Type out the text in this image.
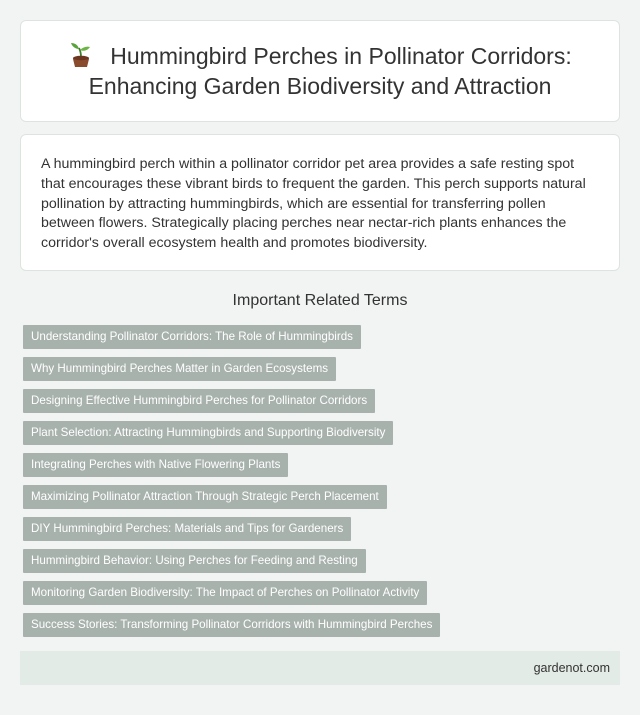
Hummingbird Perches in Pollinator Corridors: Enhancing Garden Biodiversity and Attraction

A hummingbird perch within a pollinator corridor pet area provides a safe resting spot that encourages these vibrant birds to frequent the garden. This perch supports natural pollination by attracting hummingbirds, which are essential for transferring pollen between flowers. Strategically placing perches near nectar-rich plants enhances the corridor's overall ecosystem health and promotes biodiversity.

Important Related Terms
Understanding Pollinator Corridors: The Role of Hummingbirds
Why Hummingbird Perches Matter in Garden Ecosystems
Designing Effective Hummingbird Perches for Pollinator Corridors
Plant Selection: Attracting Hummingbirds and Supporting Biodiversity
Integrating Perches with Native Flowering Plants
Maximizing Pollinator Attraction Through Strategic Perch Placement
DIY Hummingbird Perches: Materials and Tips for Gardeners
Hummingbird Behavior: Using Perches for Feeding and Resting
Monitoring Garden Biodiversity: The Impact of Perches on Pollinator Activity
Success Stories: Transforming Pollinator Corridors with Hummingbird Perches
gardenot.com
